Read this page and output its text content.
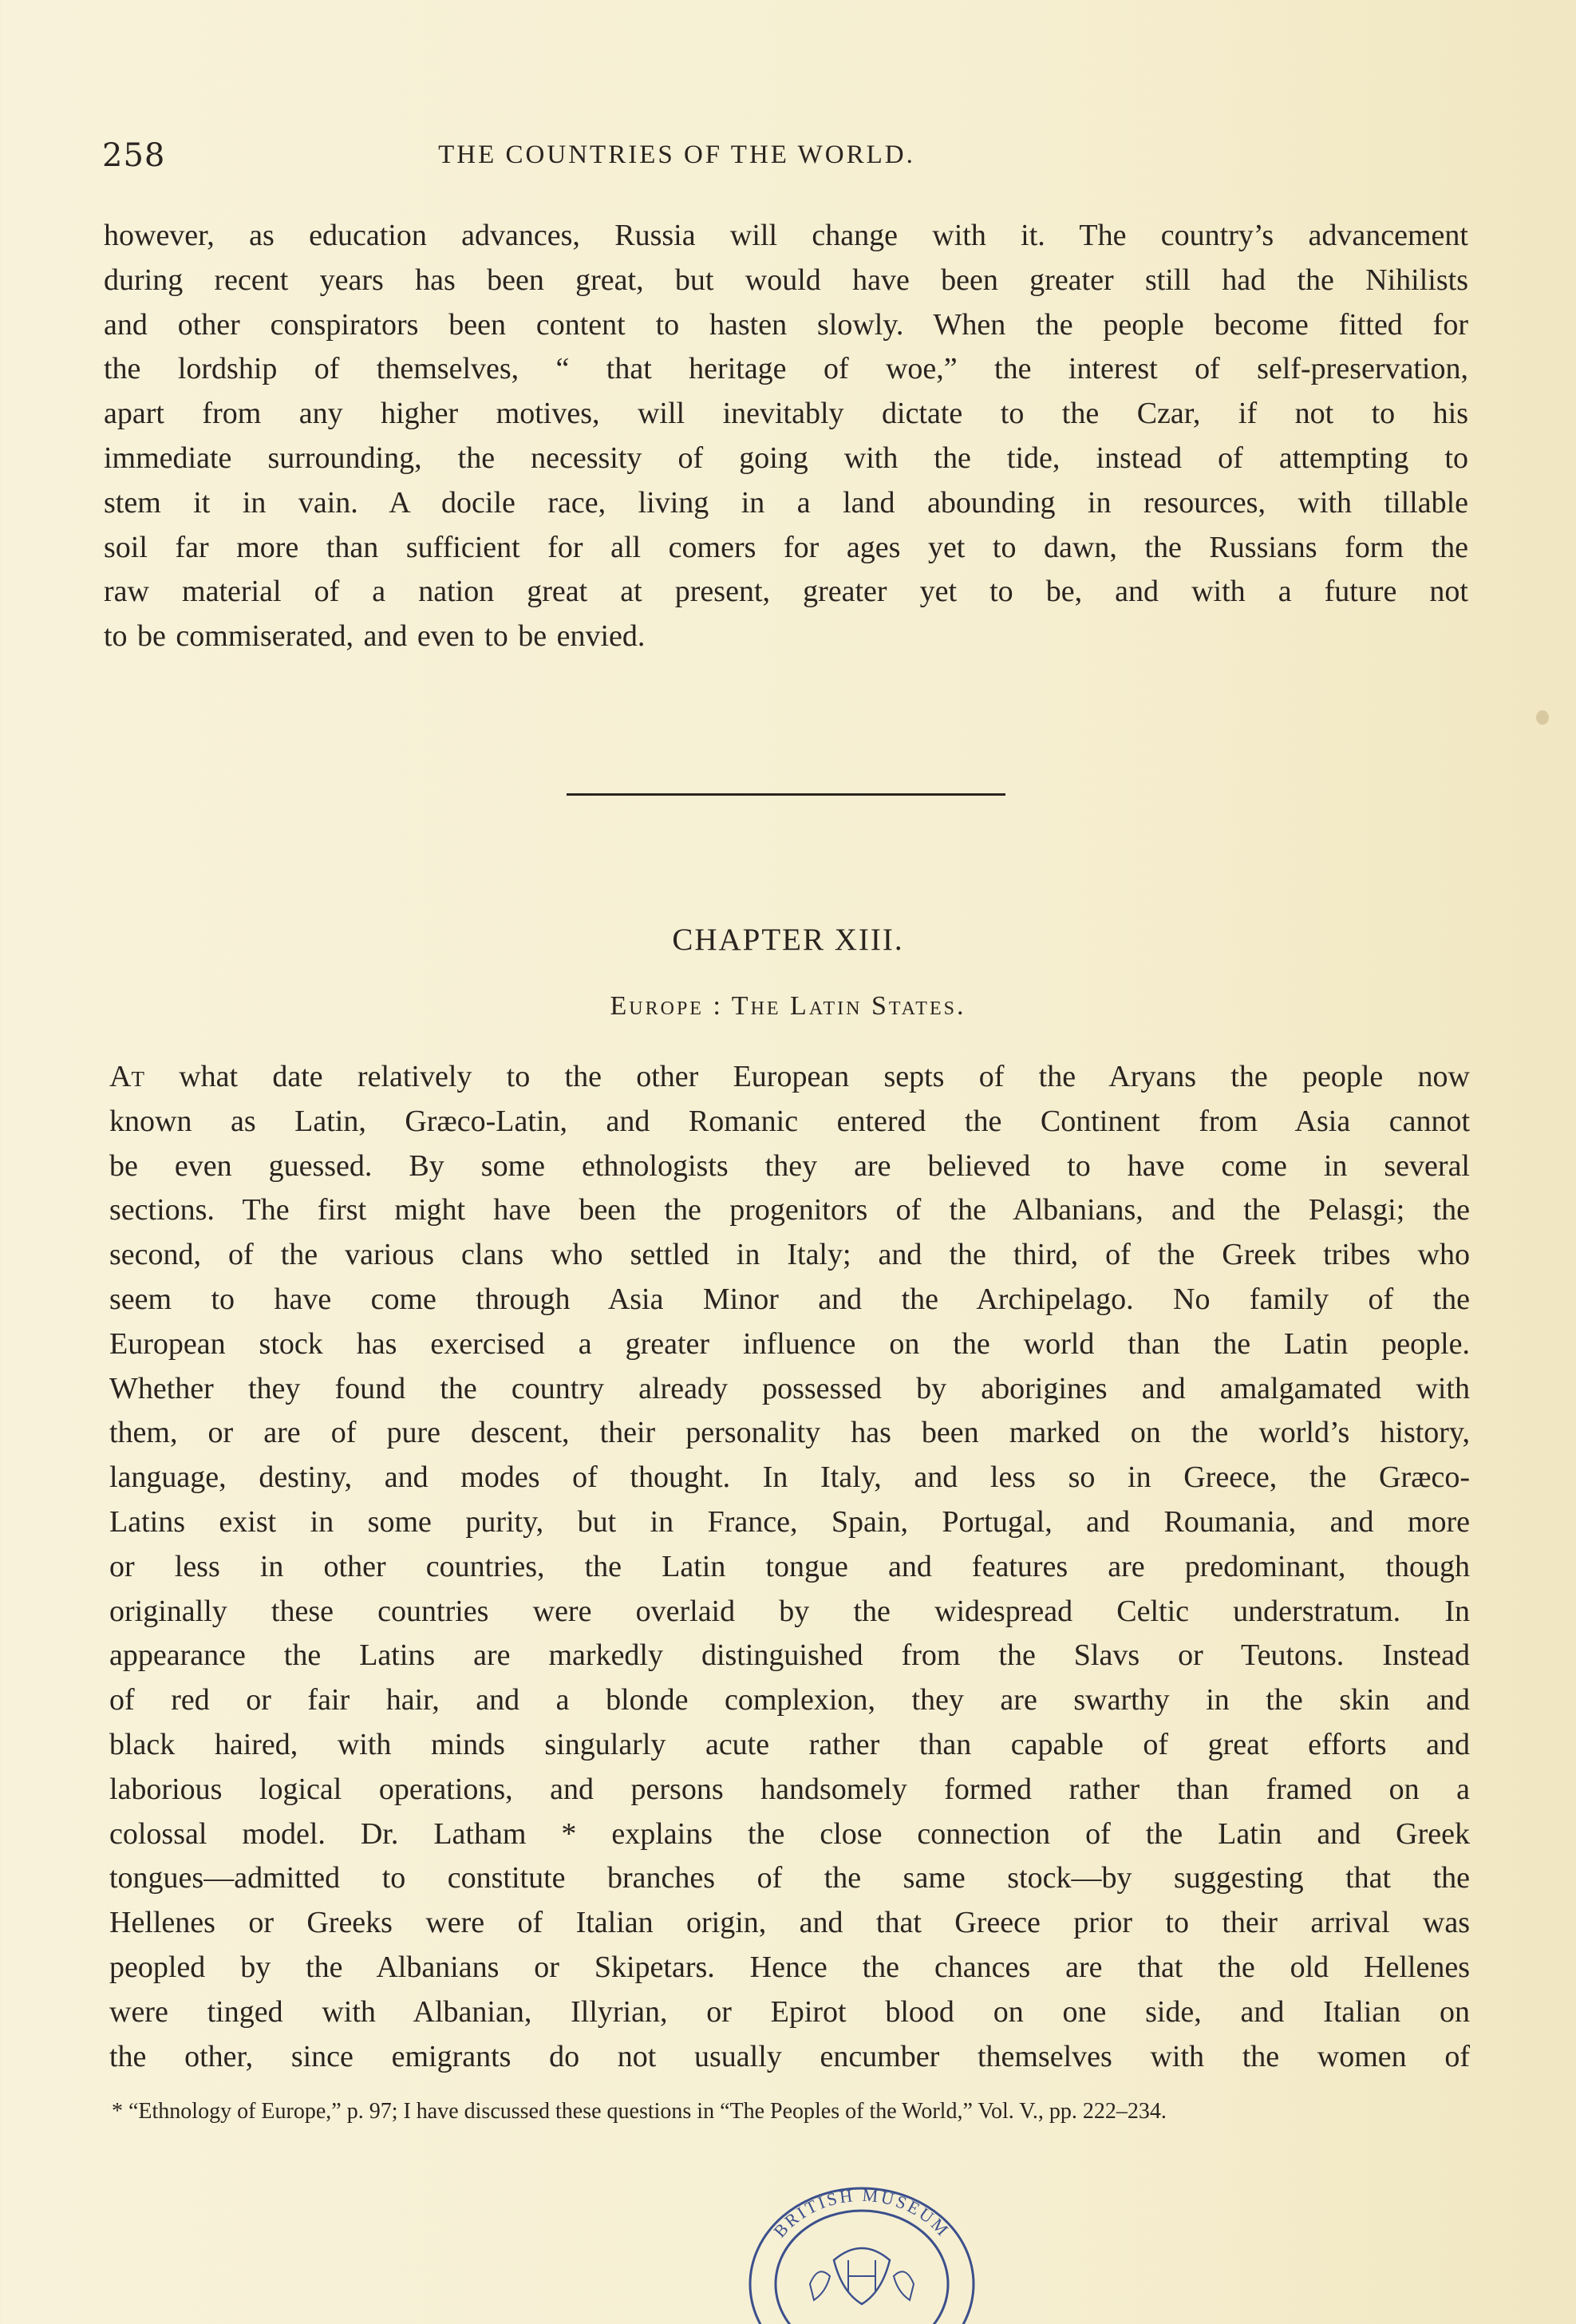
258	THE COUNTRIES OF THE WORLD.
however, as education advances, Russia will change with it. The country’s advancement
during recent years has been great, but would have been greater still had the Nihilists
and other conspirators been content to hasten slowly. When the people become fitted for
the lordship of themselves, “ that heritage of woe,” the interest of self-preservation,
apart from any higher motives, will inevitably dictate to the Czar, if not to his
immediate surrounding, the necessity of going with the tide, instead of attempting to
stem it in vain. A docile race, living in a land abounding in resources, with tillable
soil far more than sufficient for all comers for ages yet to dawn, the Russians form the
raw material of a nation great at present, greater yet to be, and with a future not
to be commiserated, and even to be envied.
CHAPTER XIII.
Europe : The Latin States.
At what date relatively to the other European septs of the Aryans the people now
known as Latin, Græco-Latin, and Romanic entered the Continent from Asia cannot
be even guessed. By some ethnologists they are believed to have come in several
sections. The first might have been the progenitors of the Albanians, and the Pelasgi; the
second, of the various clans who settled in Italy; and the third, of the Greek tribes who
seem to have come through Asia Minor and the Archipelago. No family of the
European stock has exercised a greater influence on the world than the Latin people.
Whether they found the country already possessed by aborigines and amalgamated with
them, or are of pure descent, their personality has been marked on the world’s history,
language, destiny, and modes of thought. In Italy, and less so in Greece, the Græco-
Latins exist in some purity, but in France, Spain, Portugal, and Roumania, and more
or less in other countries, the Latin tongue and features are predominant, though
originally these countries were overlaid by the widespread Celtic understratum. In
appearance the Latins are markedly distinguished from the Slavs or Teutons. Instead
of red or fair hair, and a blonde complexion, they are swarthy in the skin and
black haired, with minds singularly acute rather than capable of great efforts and
laborious logical operations, and persons handsomely formed rather than framed on a
colossal model. Dr. Latham * explains the close connection of the Latin and Greek
tongues—admitted to constitute branches of the same stock—by suggesting that the
Hellenes or Greeks were of Italian origin, and that Greece prior to their arrival was
peopled by the Albanians or Skipetars. Hence the chances are that the old Hellenes
were tinged with Albanian, Illyrian, or Epirot blood on one side, and Italian on
the other, since emigrants do not usually encumber themselves with the women of
* “Ethnology of Europe,” p. 97; I have discussed these questions in “The Peoples of the World,” Vol. V., pp. 222–234.
BRITISH MUSEUM
